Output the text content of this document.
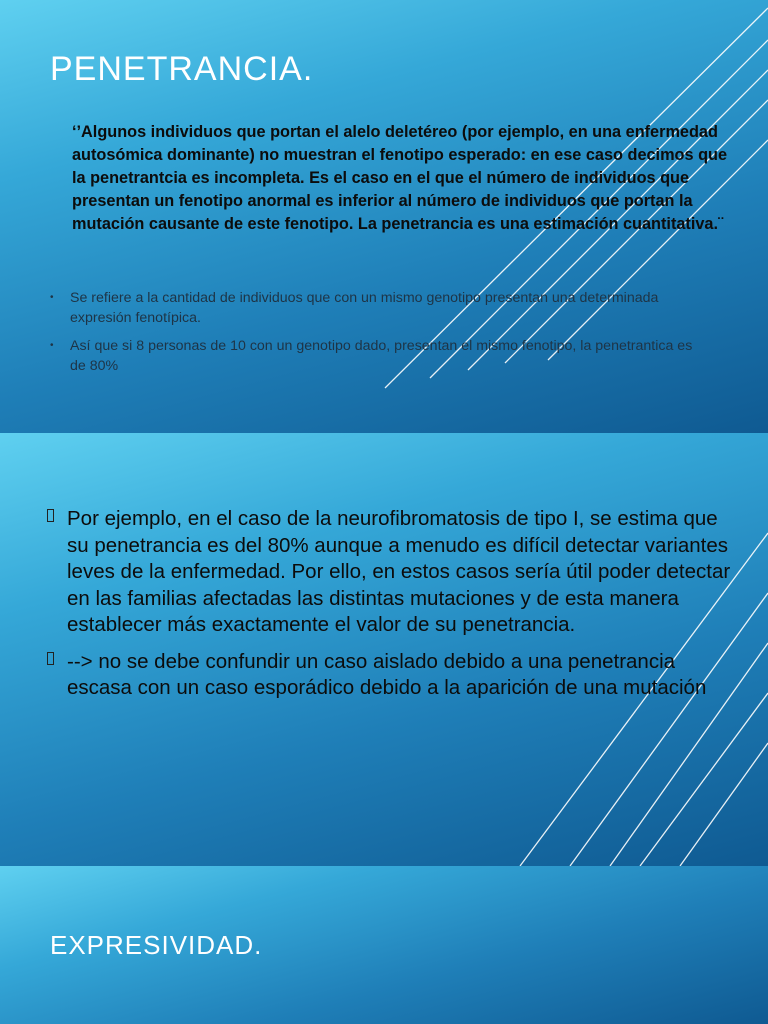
PENETRANCIA.

‘’Algunos individuos que portan el alelo deletéreo (por ejemplo, en una enfermedad autosómica dominante) no muestran el fenotipo esperado: en ese caso decimos que la penetrantcia es incompleta. Es el caso en el que el número de individuos que presentan un fenotipo anormal es inferior al número de individuos que portan la mutación causante de este fenotipo. La penetrancia es una estimación cuantitativa.¨

• Se refiere a la cantidad de individuos que con un mismo genotipo presentan una determinada expresión fenotípica.
• Así que si 8 personas de 10 con un genotipo dado, presentan el mismo fenotipo, la penetrantica es de 80%
Por ejemplo, en el caso de la neurofibromatosis de tipo I, se estima que su penetrancia es del 80% aunque a menudo es difícil detectar variantes leves de la enfermedad. Por ello, en estos casos sería útil poder detectar en las familias afectadas las distintas mutaciones y de esta manera establecer más exactamente el valor de su penetrancia.
--> no se debe confundir un caso aislado debido a una penetrancia escasa con un caso esporádico debido a la aparición de una mutación
EXPRESIVIDAD.
